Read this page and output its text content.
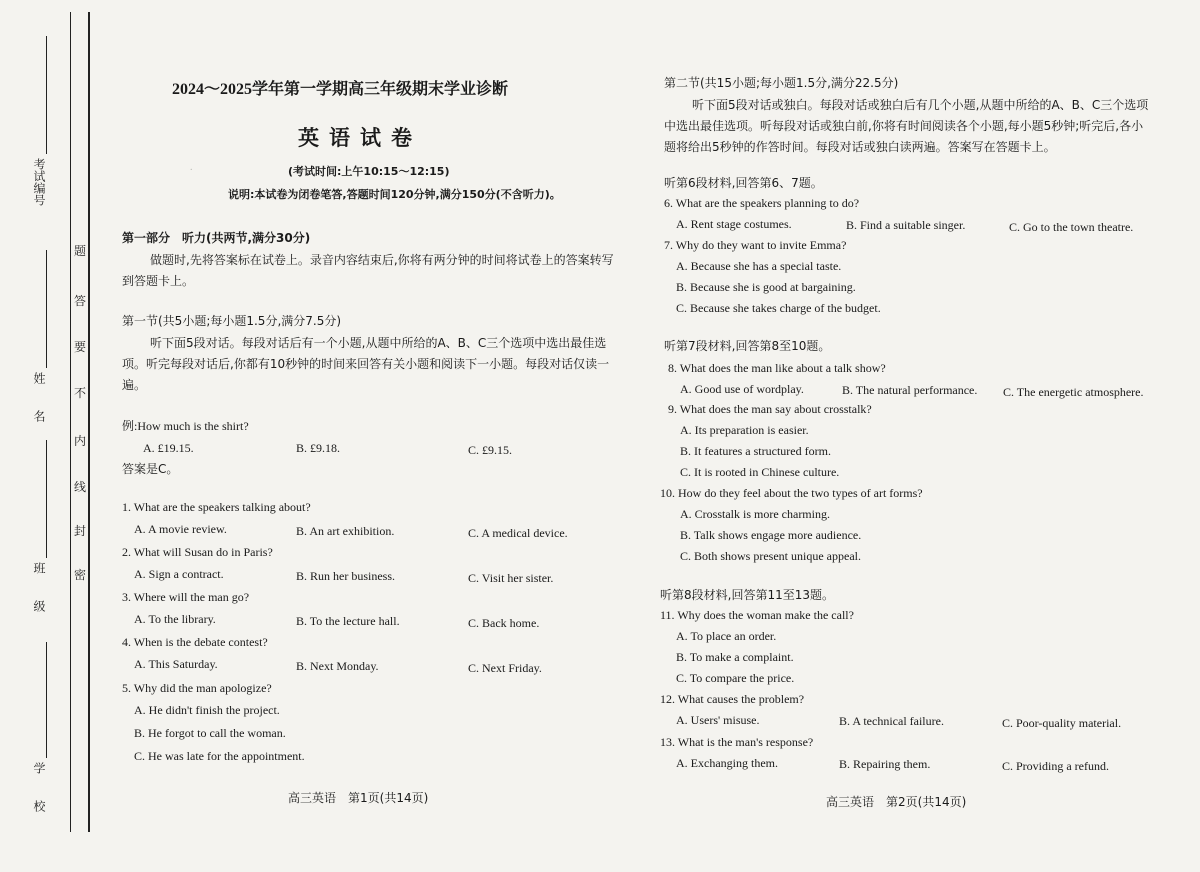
考试编号
姓名
班级
学校
题
答
要
不
内
线
封
密
2024～2025学年第一学期高三年级期末学业诊断
英语试卷
(考试时间:上午10:15～12:15)
说明:本试卷为闭卷笔答,答题时间120分钟,满分150分(不含听力)。
第一部分　听力(共两节,满分30分)
做题时,先将答案标在试卷上。录音内容结束后,你将有两分钟的时间将试卷上的答案转写到答题卡上。
第一节(共5小题;每小题1.5分,满分7.5分)
听下面5段对话。每段对话后有一个小题,从题中所给的A、B、C三个选项中选出最佳选项。听完每段对话后,你都有10秒钟的时间来回答有关小题和阅读下一小题。每段对话仅读一遍。
例:How much is the shirt?
A. £19.15.	B. £9.18.	C. £9.15.
答案是C。
1. What are the speakers talking about?
A. A movie review.	B. An art exhibition.	C. A medical device.
2. What will Susan do in Paris?
A. Sign a contract.	B. Run her business.	C. Visit her sister.
3. Where will the man go?
A. To the library.	B. To the lecture hall.	C. Back home.
4. When is the debate contest?
A. This Saturday.	B. Next Monday.	C. Next Friday.
5. Why did the man apologize?
A. He didn't finish the project.
B. He forgot to call the woman.
C. He was late for the appointment.
高三英语　第1页(共14页)
.
第二节(共15小题;每小题1.5分,满分22.5分)
听下面5段对话或独白。每段对话或独白后有几个小题,从题中所给的A、B、C三个选项中选出最佳选项。听每段对话或独白前,你将有时间阅读各个小题,每小题5秒钟;听完后,各小题将给出5秒钟的作答时间。每段对话或独白读两遍。答案写在答题卡上。
听第6段材料,回答第6、7题。
6. What are the speakers planning to do?
A. Rent stage costumes.	B. Find a suitable singer.	C. Go to the town theatre.
7. Why do they want to invite Emma?
A. Because she has a special taste.
B. Because she is good at bargaining.
C. Because she takes charge of the budget.
听第7段材料,回答第8至10题。
8. What does the man like about a talk show?
A. Good use of wordplay.	B. The natural performance. C. The energetic atmosphere.
9. What does the man say about crosstalk?
A. Its preparation is easier.
B. It features a structured form.
C. It is rooted in Chinese culture.
10. How do they feel about the two types of art forms?
A. Crosstalk is more charming.
B. Talk shows engage more audience.
C. Both shows present unique appeal.
听第8段材料,回答第11至13题。
11. Why does the woman make the call?
A. To place an order.
B. To make a complaint.
C. To compare the price.
12. What causes the problem?
A. Users' misuse.	B. A technical failure.	C. Poor-quality material.
13. What is the man's response?
A. Exchanging them.	B. Repairing them.	C. Providing a refund.
高三英语　第2页(共14页)
